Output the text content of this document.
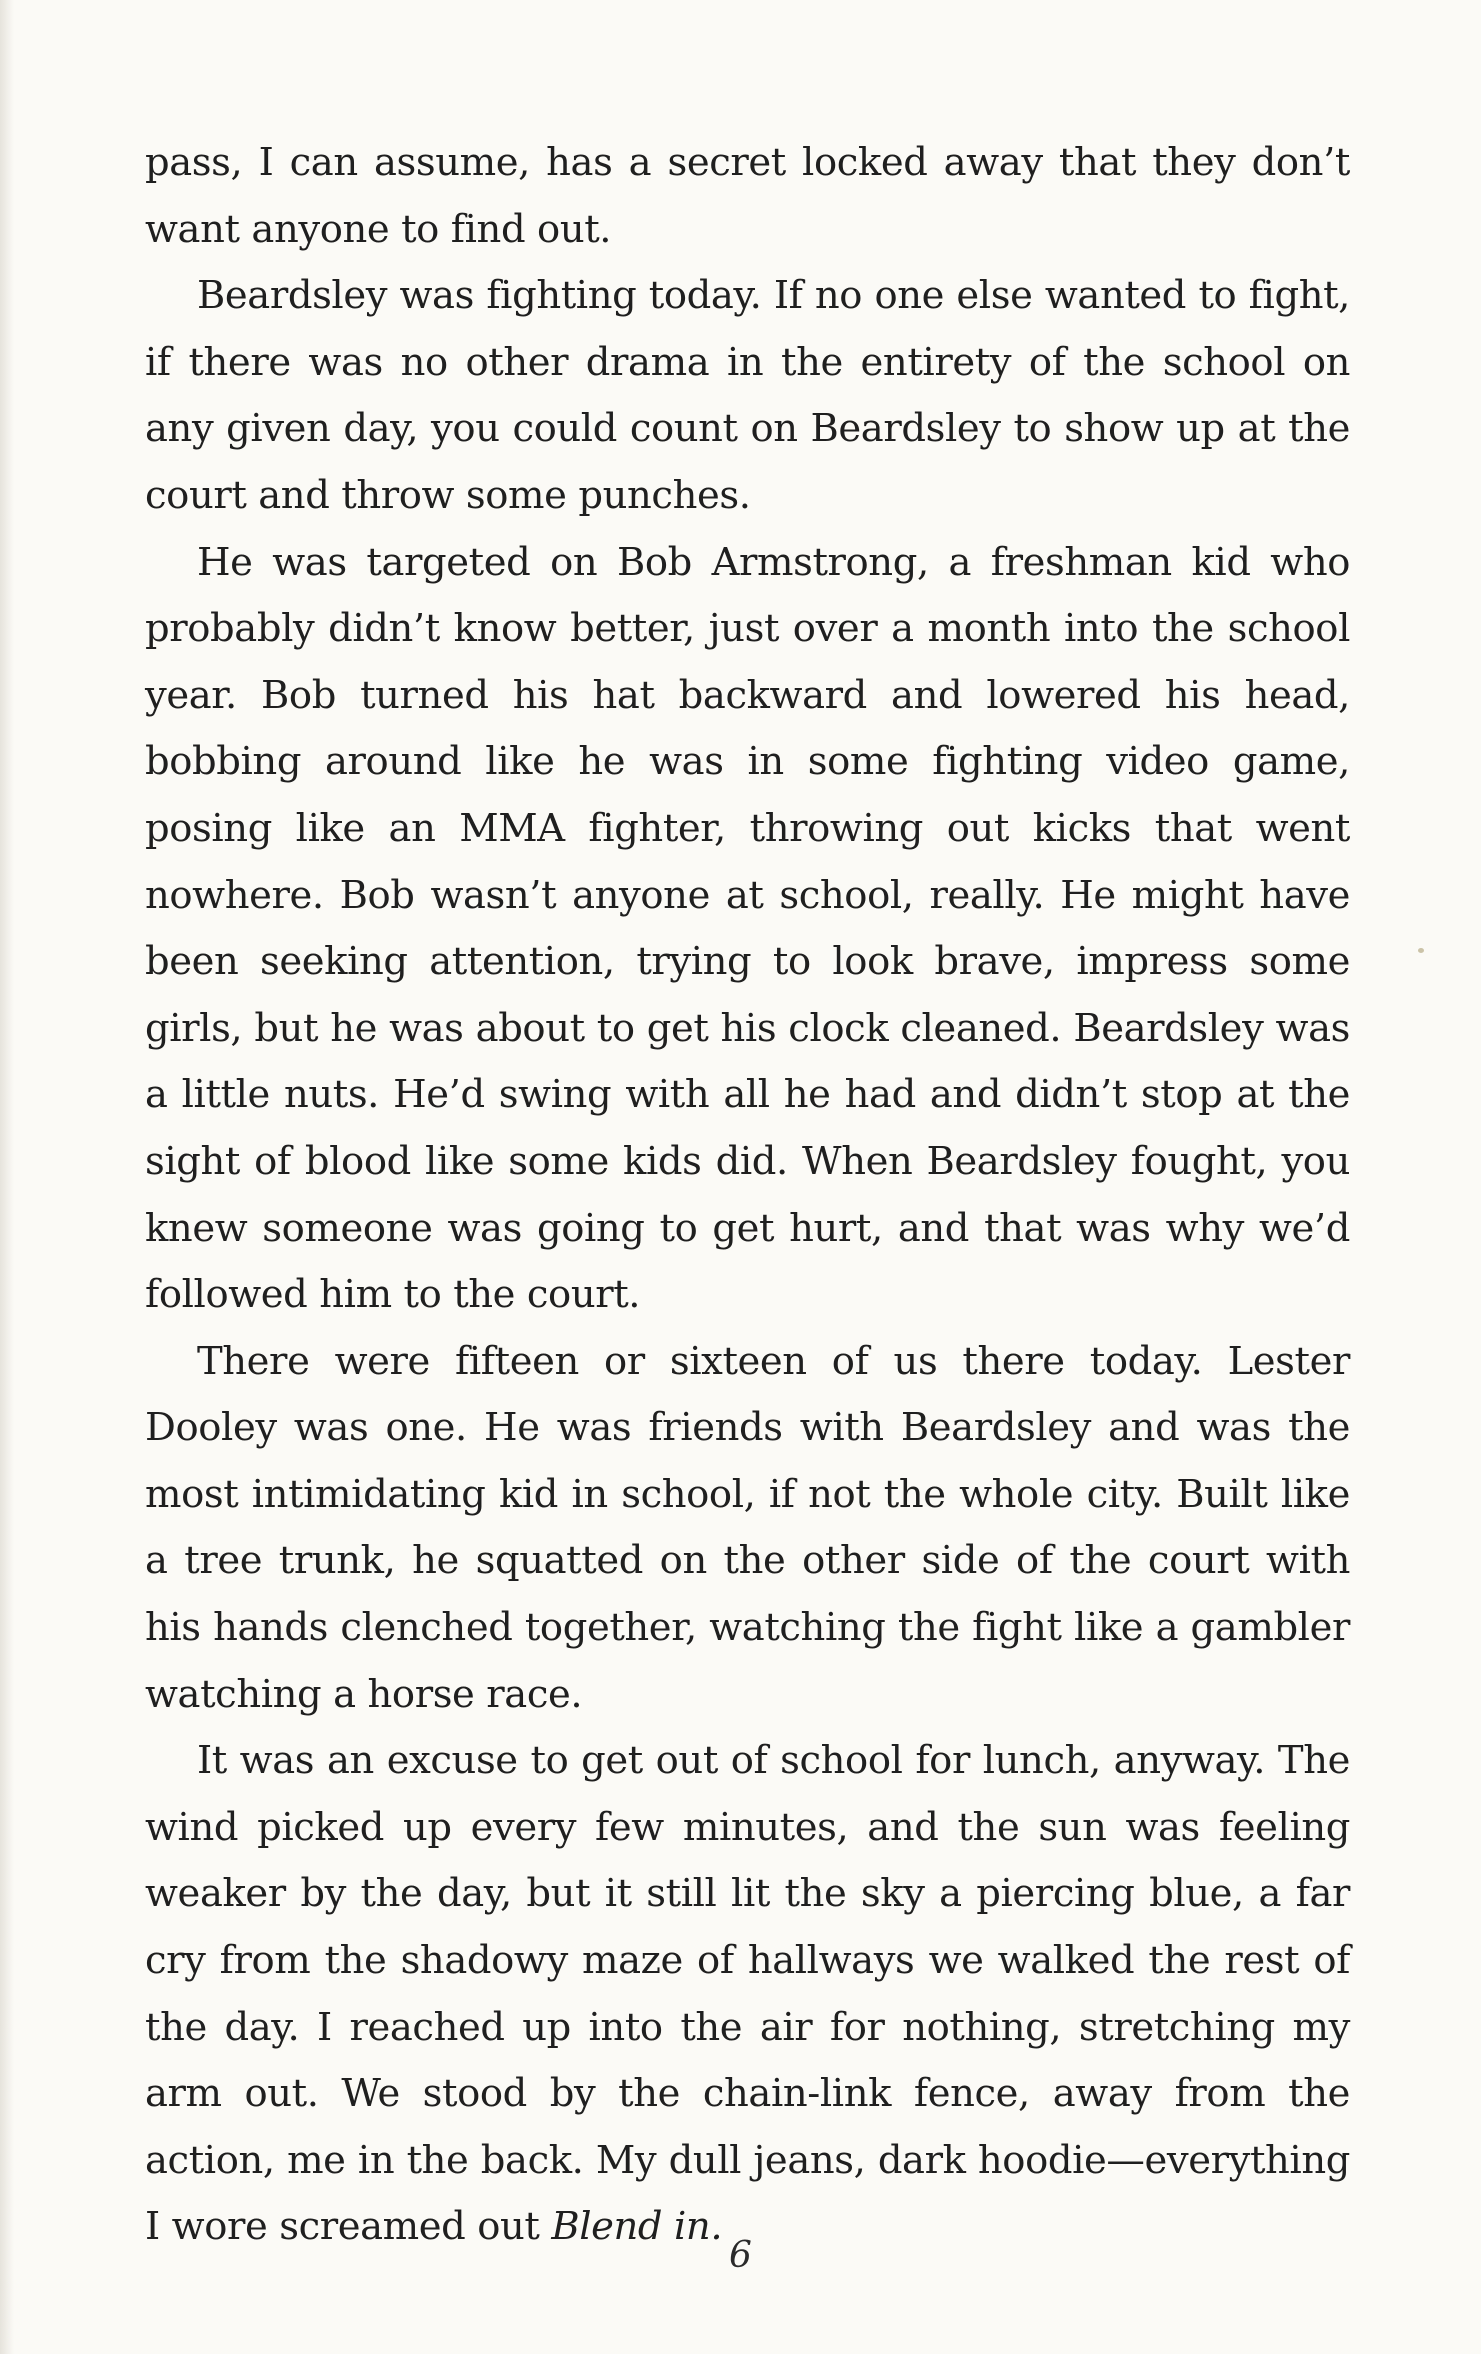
pass, I can assume, has a secret locked away that they don’t want anyone to find out.

Beardsley was fighting today. If no one else wanted to fight, if there was no other drama in the entirety of the school on any given day, you could count on Beardsley to show up at the court and throw some punches.

He was targeted on Bob Armstrong, a freshman kid who probably didn’t know better, just over a month into the school year. Bob turned his hat backward and lowered his head, bobbing around like he was in some fighting video game, posing like an MMA fighter, throwing out kicks that went nowhere. Bob wasn’t anyone at school, really. He might have been seeking attention, trying to look brave, impress some girls, but he was about to get his clock cleaned. Beardsley was a little nuts. He’d swing with all he had and didn’t stop at the sight of blood like some kids did. When Beardsley fought, you knew someone was going to get hurt, and that was why we’d followed him to the court.

There were fifteen or sixteen of us there today. Lester Dooley was one. He was friends with Beardsley and was the most intimidating kid in school, if not the whole city. Built like a tree trunk, he squatted on the other side of the court with his hands clenched together, watching the fight like a gambler watching a horse race.

It was an excuse to get out of school for lunch, anyway. The wind picked up every few minutes, and the sun was feeling weaker by the day, but it still lit the sky a piercing blue, a far cry from the shadowy maze of hallways we walked the rest of the day. I reached up into the air for nothing, stretching my arm out. We stood by the chain-link fence, away from the action, me in the back. My dull jeans, dark hoodie—everything I wore screamed out Blend in.

6
